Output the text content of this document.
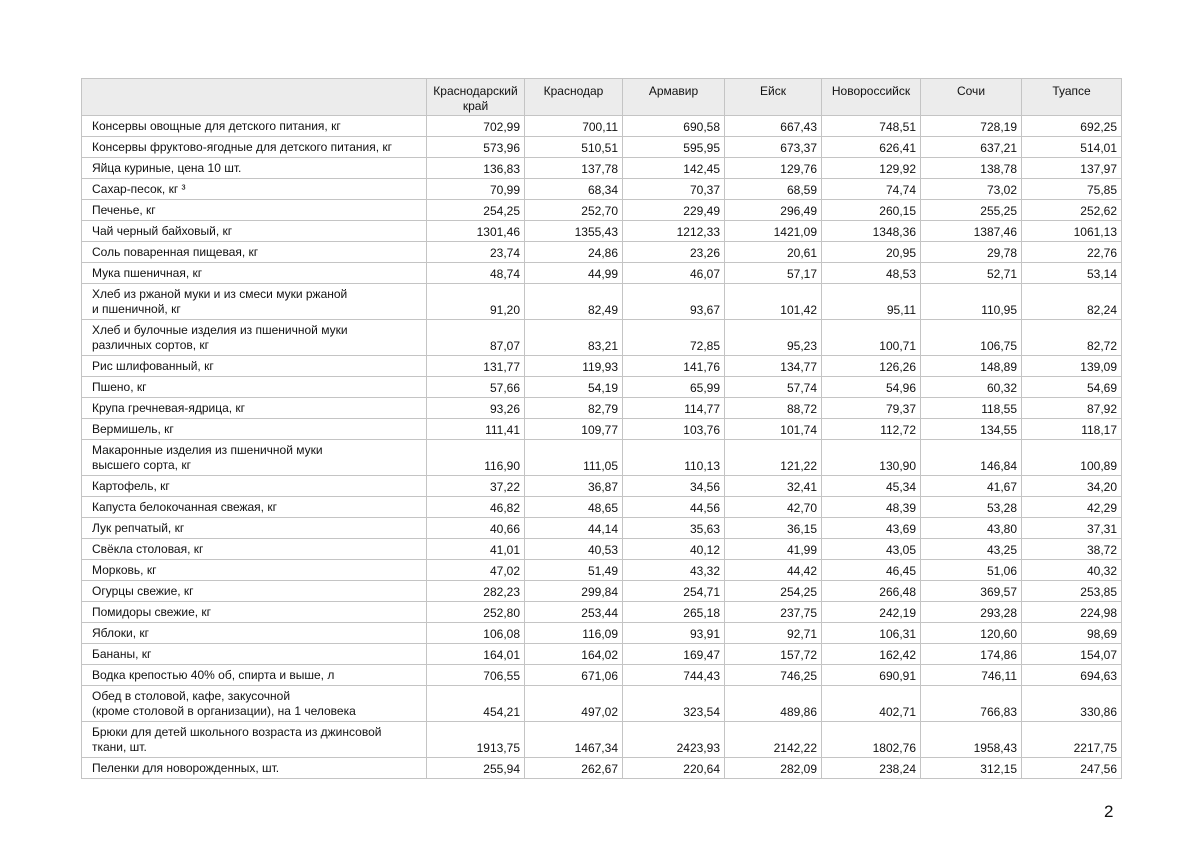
	Краснодарский край	Краснодар	Армавир	Ейск	Новороссийск	Сочи	Туапсе
Консервы овощные для детского питания, кг	702,99	700,11	690,58	667,43	748,51	728,19	692,25
Консервы фруктово-ягодные для детского питания, кг	573,96	510,51	595,95	673,37	626,41	637,21	514,01
Яйца куриные, цена 10 шт.	136,83	137,78	142,45	129,76	129,92	138,78	137,97
Сахар-песок, кг ³	70,99	68,34	70,37	68,59	74,74	73,02	75,85
Печенье, кг	254,25	252,70	229,49	296,49	260,15	255,25	252,62
Чай черный байховый, кг	1301,46	1355,43	1212,33	1421,09	1348,36	1387,46	1061,13
Соль поваренная пищевая, кг	23,74	24,86	23,26	20,61	20,95	29,78	22,76
Мука пшеничная, кг	48,74	44,99	46,07	57,17	48,53	52,71	53,14
Хлеб из ржаной муки и из смеси муки ржаной
и пшеничной, кг	91,20	82,49	93,67	101,42	95,11	110,95	82,24
Хлеб и булочные изделия из пшеничной муки
различных сортов, кг	87,07	83,21	72,85	95,23	100,71	106,75	82,72
Рис шлифованный, кг	131,77	119,93	141,76	134,77	126,26	148,89	139,09
Пшено, кг	57,66	54,19	65,99	57,74	54,96	60,32	54,69
Крупа гречневая-ядрица, кг	93,26	82,79	114,77	88,72	79,37	118,55	87,92
Вермишель, кг	111,41	109,77	103,76	101,74	112,72	134,55	118,17
Макаронные изделия из пшеничной муки
высшего сорта, кг	116,90	111,05	110,13	121,22	130,90	146,84	100,89
Картофель, кг	37,22	36,87	34,56	32,41	45,34	41,67	34,20
Капуста белокочанная свежая, кг	46,82	48,65	44,56	42,70	48,39	53,28	42,29
Лук репчатый, кг	40,66	44,14	35,63	36,15	43,69	43,80	37,31
Свёкла столовая, кг	41,01	40,53	40,12	41,99	43,05	43,25	38,72
Морковь, кг	47,02	51,49	43,32	44,42	46,45	51,06	40,32
Огурцы свежие, кг	282,23	299,84	254,71	254,25	266,48	369,57	253,85
Помидоры свежие, кг	252,80	253,44	265,18	237,75	242,19	293,28	224,98
Яблоки, кг	106,08	116,09	93,91	92,71	106,31	120,60	98,69
Бананы, кг	164,01	164,02	169,47	157,72	162,42	174,86	154,07
Водка крепостью 40% об, спирта и выше, л	706,55	671,06	744,43	746,25	690,91	746,11	694,63
Обед в столовой, кафе, закусочной
(кроме столовой в организации), на 1 человека	454,21	497,02	323,54	489,86	402,71	766,83	330,86
Брюки для детей школьного возраста из джинсовой
ткани, шт.	1913,75	1467,34	2423,93	2142,22	1802,76	1958,43	2217,75
Пеленки для новорожденных, шт.	255,94	262,67	220,64	282,09	238,24	312,15	247,56
2
